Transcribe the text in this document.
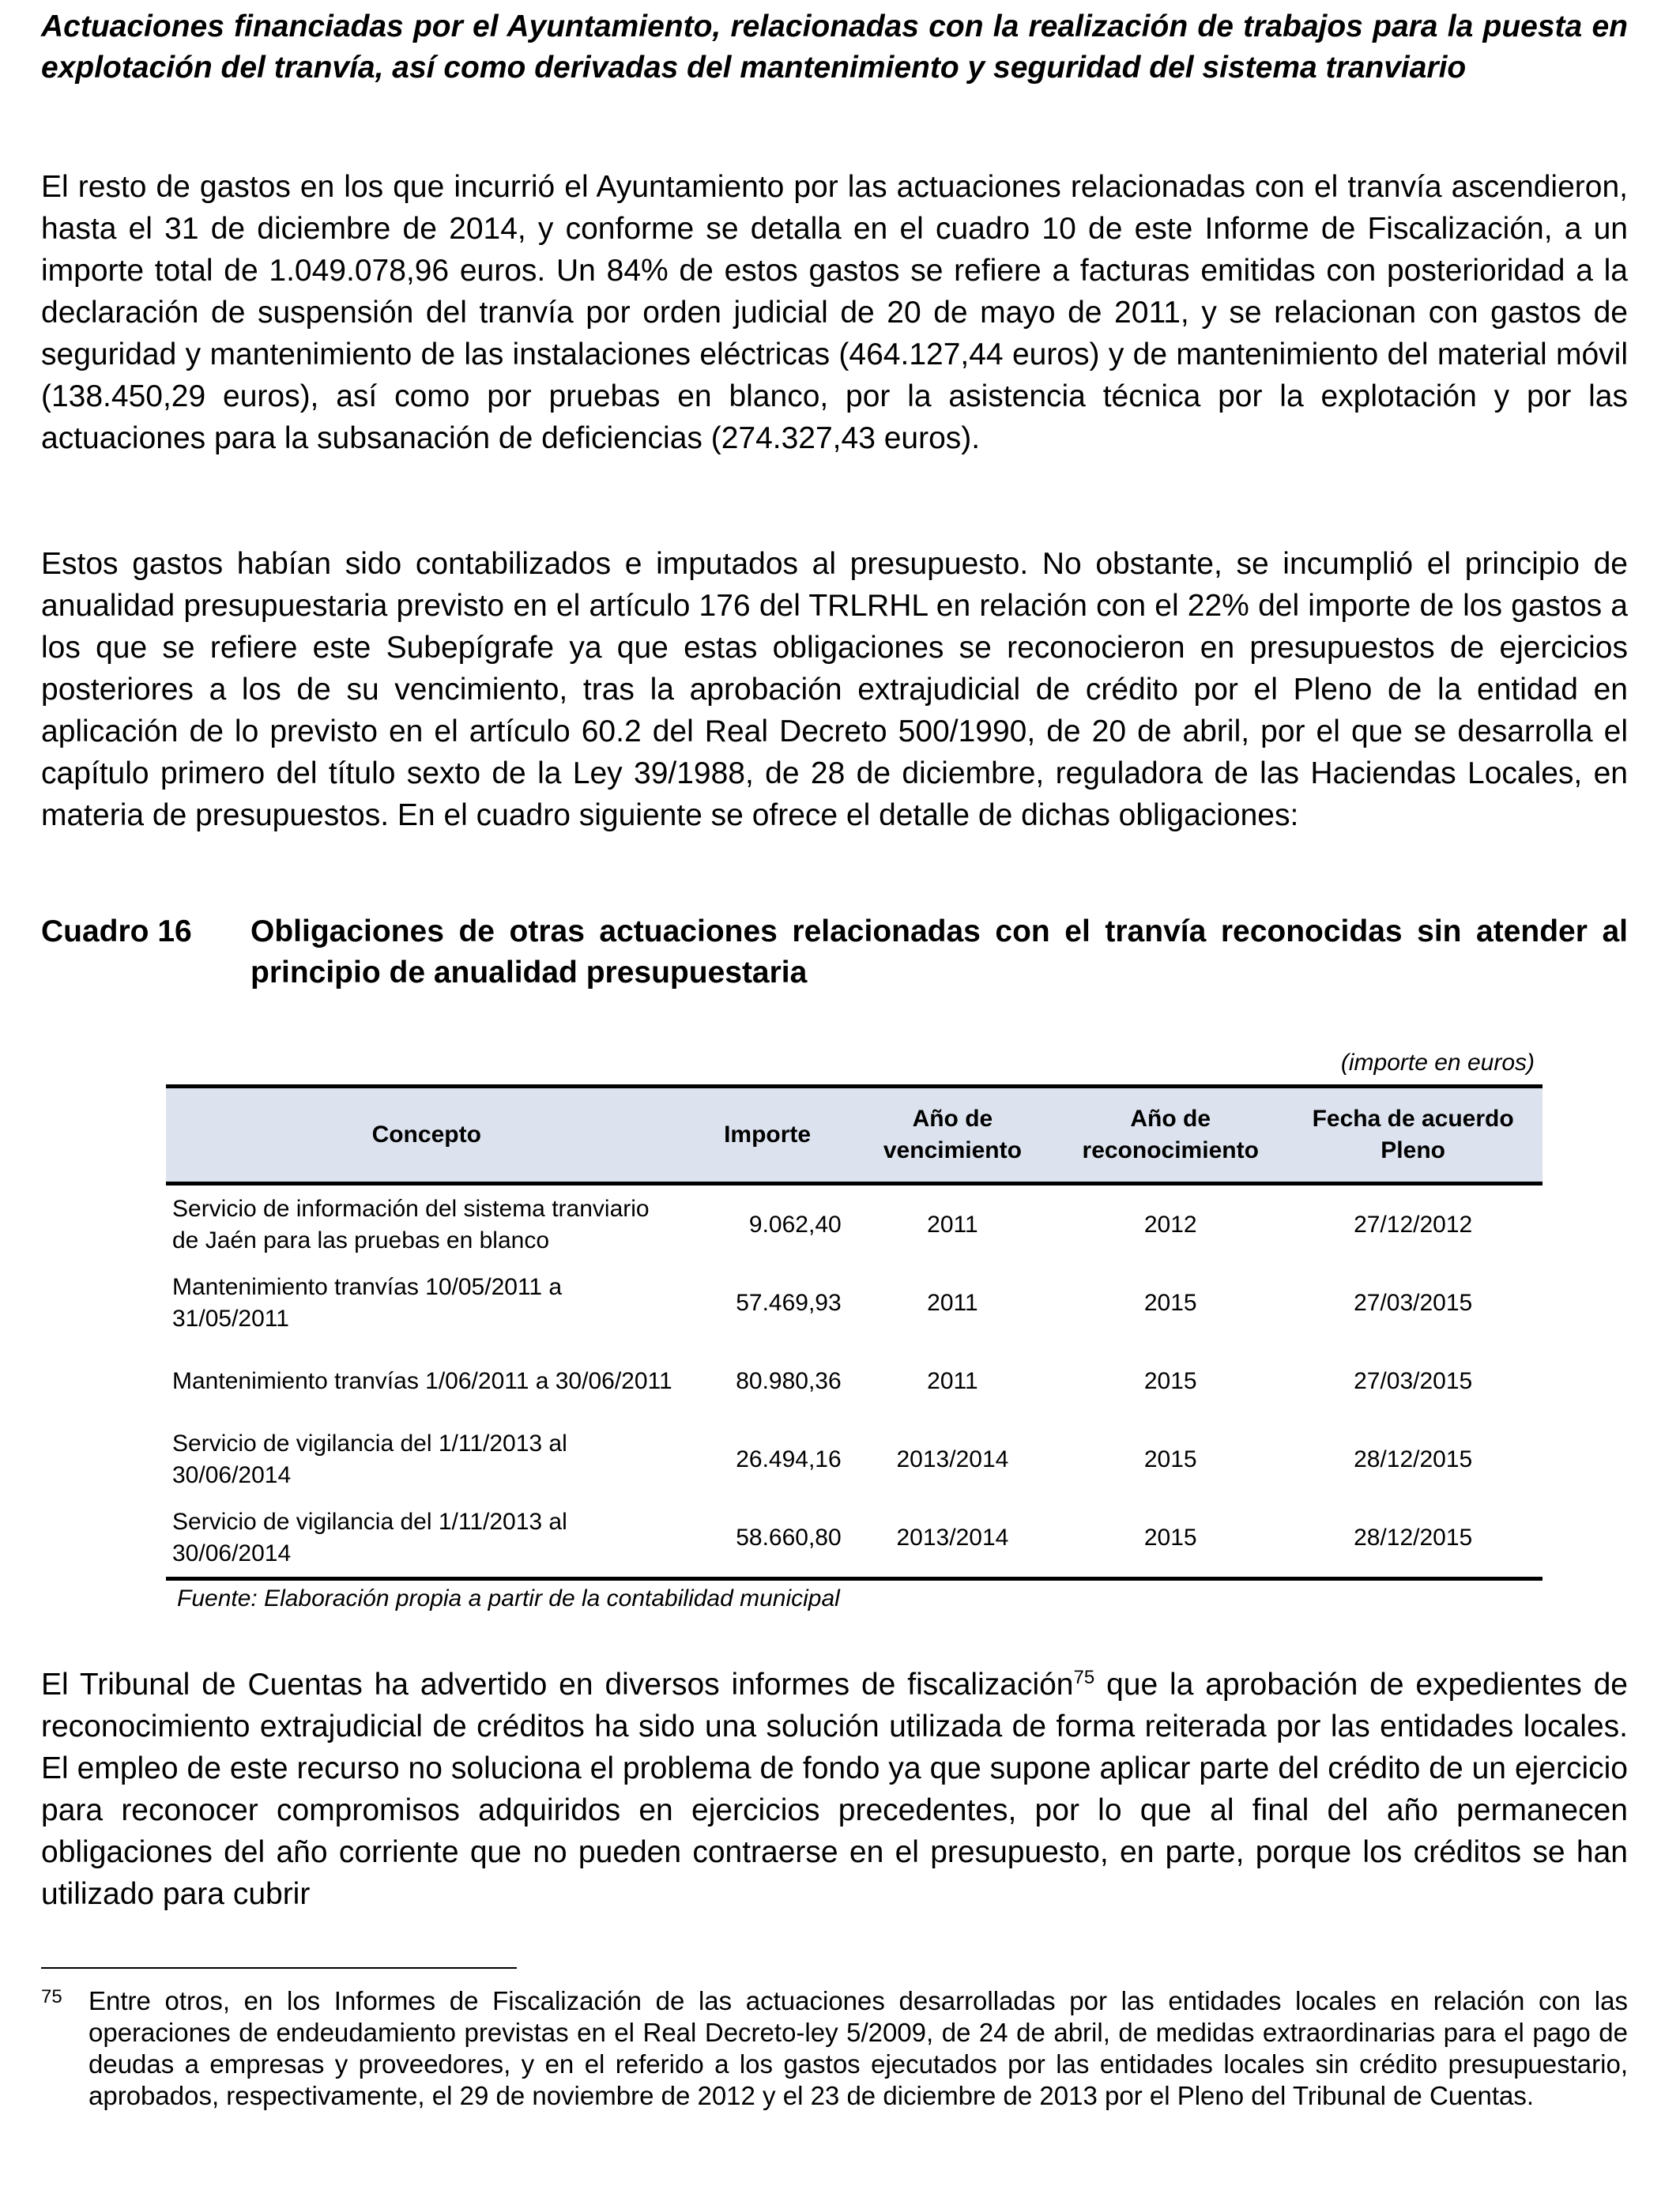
Actuaciones financiadas por el Ayuntamiento, relacionadas con la realización de trabajos para la puesta en explotación del tranvía, así como derivadas del mantenimiento y seguridad del sistema tranviario
El resto de gastos en los que incurrió el Ayuntamiento por las actuaciones relacionadas con el tranvía ascendieron, hasta el 31 de diciembre de 2014, y conforme se detalla en el cuadro 10 de este Informe de Fiscalización, a un importe total de 1.049.078,96 euros. Un 84% de estos gastos se refiere a facturas emitidas con posterioridad a la declaración de suspensión del tranvía por orden judicial de 20 de mayo de 2011, y se relacionan con gastos de seguridad y mantenimiento de las instalaciones eléctricas (464.127,44 euros) y de mantenimiento del material móvil (138.450,29 euros), así como por pruebas en blanco, por la asistencia técnica por la explotación y por las actuaciones para la subsanación de deficiencias (274.327,43 euros).
Estos gastos habían sido contabilizados e imputados al presupuesto. No obstante, se incumplió el principio de anualidad presupuestaria previsto en el artículo 176 del TRLRHL en relación con el 22% del importe de los gastos a los que se refiere este Subepígrafe ya que estas obligaciones se reconocieron en presupuestos de ejercicios posteriores a los de su vencimiento, tras la aprobación extrajudicial de crédito por el Pleno de la entidad en aplicación de lo previsto en el artículo 60.2 del Real Decreto 500/1990, de 20 de abril, por el que se desarrolla el capítulo primero del título sexto de la Ley 39/1988, de 28 de diciembre, reguladora de las Haciendas Locales, en materia de presupuestos. En el cuadro siguiente se ofrece el detalle de dichas obligaciones:
Cuadro 16 Obligaciones de otras actuaciones relacionadas con el tranvía reconocidas sin atender al principio de anualidad presupuestaria
(importe en euros)
Concepto	Importe	Año de vencimiento	Año de reconocimiento	Fecha de acuerdo Pleno
Servicio de información del sistema tranviario de Jaén para las pruebas en blanco	9.062,40	2011	2012	27/12/2012
Mantenimiento tranvías 10/05/2011 a 31/05/2011	57.469,93	2011	2015	27/03/2015
Mantenimiento tranvías 1/06/2011 a 30/06/2011	80.980,36	2011	2015	27/03/2015
Servicio de vigilancia del 1/11/2013 al 30/06/2014	26.494,16	2013/2014	2015	28/12/2015
Servicio de vigilancia del 1/11/2013 al 30/06/2014	58.660,80	2013/2014	2015	28/12/2015
Fuente: Elaboración propia a partir de la contabilidad municipal
El Tribunal de Cuentas ha advertido en diversos informes de fiscalización$^{75}$ que la aprobación de expedientes de reconocimiento extrajudicial de créditos ha sido una solución utilizada de forma reiterada por las entidades locales. El empleo de este recurso no soluciona el problema de fondo ya que supone aplicar parte del crédito de un ejercicio para reconocer compromisos adquiridos en ejercicios precedentes, por lo que al final del año permanecen obligaciones del año corriente que no pueden contraerse en el presupuesto, en parte, porque los créditos se han utilizado para cubrir
75 Entre otros, en los Informes de Fiscalización de las actuaciones desarrolladas por las entidades locales en relación con las operaciones de endeudamiento previstas en el Real Decreto-ley 5/2009, de 24 de abril, de medidas extraordinarias para el pago de deudas a empresas y proveedores, y en el referido a los gastos ejecutados por las entidades locales sin crédito presupuestario, aprobados, respectivamente, el 29 de noviembre de 2012 y el 23 de diciembre de 2013 por el Pleno del Tribunal de Cuentas.
